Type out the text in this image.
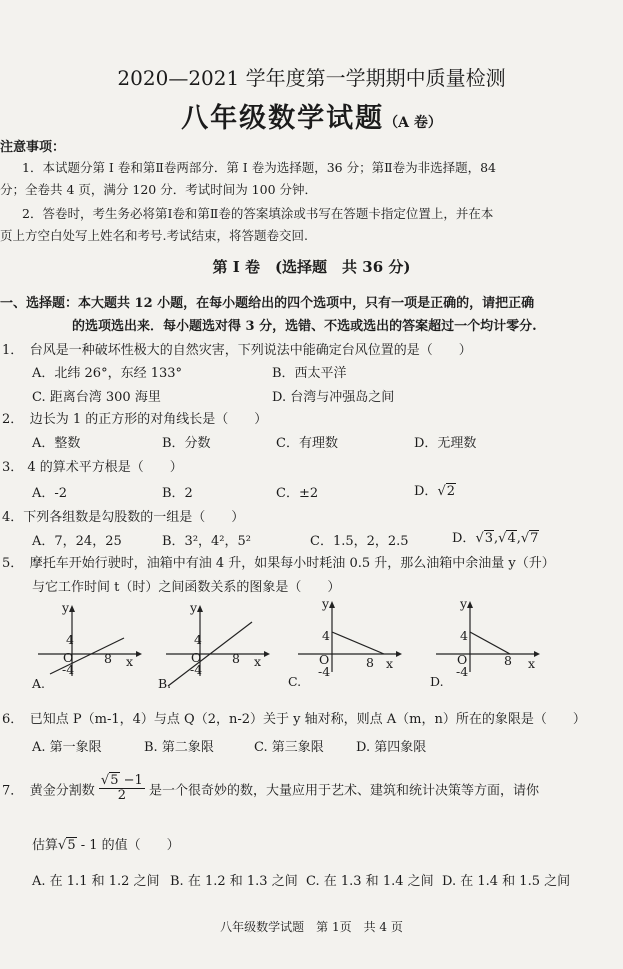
2020—2021 学年度第一学期期中质量检测
八年级数学试题（A 卷）
注意事项：
1．本试题分第 Ⅰ 卷和第Ⅱ卷两部分．第 Ⅰ 卷为选择题，36 分；第Ⅱ卷为非选择题，84
分；全卷共 4 页，满分 120 分．考试时间为 100 分钟．
2．答卷时，考生务必将第Ⅰ卷和第Ⅱ卷的答案填涂或书写在答题卡指定位置上，并在本
页上方空白处写上姓名和考号.考试结束，将答题卷交回.
第 Ⅰ 卷　(选择题　共 36 分)
一、选择题：本大题共 12 小题，在每小题给出的四个选项中，只有一项是正确的，请把正确
的选项选出来．每小题选对得 3 分，选错、不选或选出的答案超过一个均计零分.
1．　台风是一种破坏性极大的自然灾害，下列说法中能确定台风位置的是（　　）
A．北纬 26°，东经 133°	B．西太平洋
C. 距离台湾 300 海里	D. 台湾与冲强岛之间
2．　边长为 1 的正方形的对角线长是（　　）
A．整数	B．分数	C．有理数	D．无理数
3． 4 的算术平方根是（　　）
A．-2	B．2	C．±2	D．√2
4．下列各组数是勾股数的一组是（　　）
A．7，24，25	B．3²，4²，5²	C．1.5，2，2.5	D．√3,√4,√7
5．　摩托车开始行驶时，油箱中有油 4 升，如果每小时耗油 0.5 升，那么油箱中余油量 y（升）
与它工作时间 t（时）之间函数关系的图象是（　　）
y
4
O
-4
8 x
A.
y
4
O
-4
8 x
B.
y
4
O
-4
8 x
C.
y
4
O
-4
8 x
D.
6．　已知点 P（m-1，4）与点 Q（2，n-2）关于 y 轴对称，则点 A（m，n）所在的象限是（　　）
A. 第一象限	B. 第二象限	C. 第三象限 D. 第四象限
7．　黄金分割数 $\frac{√5 -1}{2}$ 是一个很奇妙的数，大量应用于艺术、建筑和统计决策等方面，请你
估算√5 - 1 的值（　　）
A. 在 1.1 和 1.2 之间 B. 在 1.2 和 1.3 之间 C. 在 1.3 和 1.4 之间 D. 在 1.4 和 1.5 之间
八年级数学试题　第 1页　共 4 页
